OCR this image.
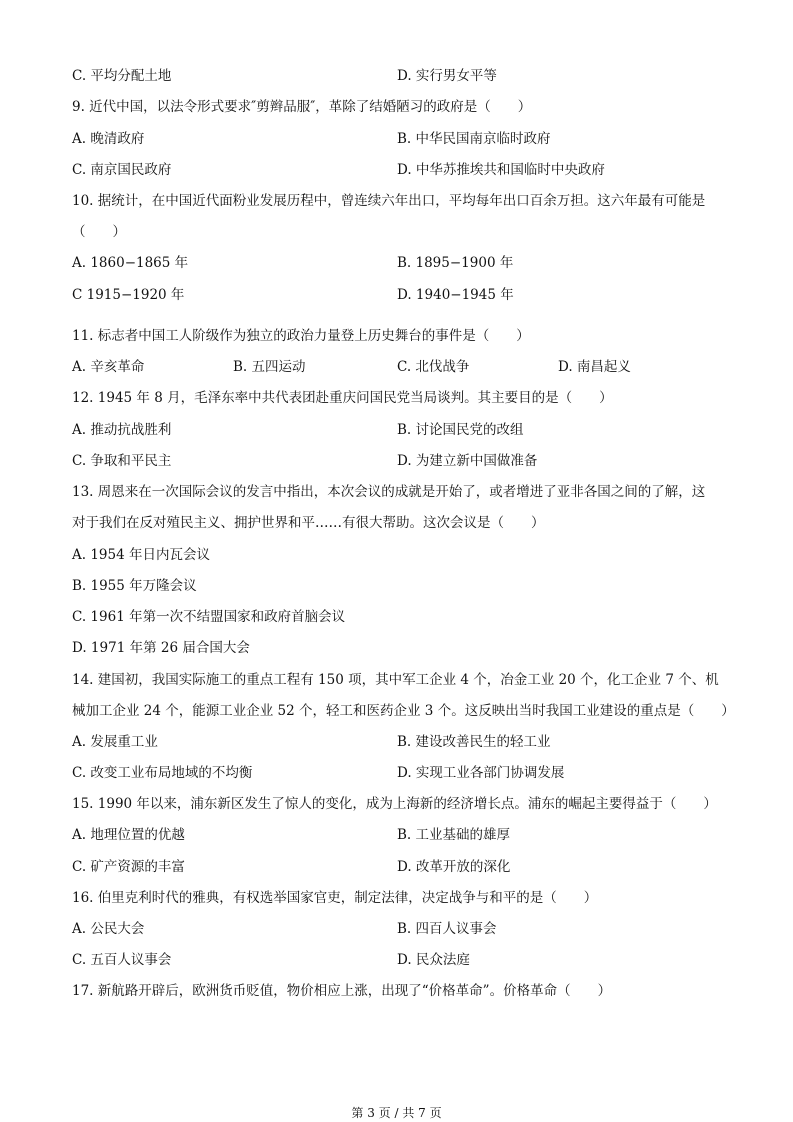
C. 平均分配土地	D. 实行男女平等
9. 近代中国，以法令形式要求″剪辫品服″，革除了结婚陋习的政府是（　　）
A. 晚清政府	B. 中华民国南京临时政府
C. 南京国民政府	D. 中华苏推埃共和国临时中央政府
10. 据统计，在中国近代面粉业发展历程中，曾连续六年出口，平均每年出口百余万担。这六年最有可能是
（　　）
A. 1860−1865 年	B. 1895−1900 年
C 1915−1920 年	D. 1940−1945 年
11. 标志者中国工人阶级作为独立的政治力量登上历史舞台的事件是（　　）
A. 辛亥革命	B. 五四运动	C. 北伐战争	D. 南昌起义
12. 1945 年 8 月，毛泽东率中共代表团赴重庆问国民党当局谈判。其主要目的是（　　）
A. 推动抗战胜利	B. 讨论国民党的改组
C. 争取和平民主	D. 为建立新中国做准备
13. 周恩来在一次国际会议的发言中指出，本次会议的成就是开始了，或者增进了亚非各国之间的了解，这
对于我们在反对殖民主义、拥护世界和平……有很大帮助。这次会议是（　　）
A. 1954 年日内瓦会议
B. 1955 年万隆会议
C. 1961 年第一次不结盟国家和政府首脑会议
D. 1971 年第 26 届合国大会
14. 建国初，我国实际施工的重点工程有 150 项，其中军工企业 4 个，冶金工业 20 个，化工企业 7 个、机
械加工企业 24 个，能源工业企业 52 个，轻工和医药企业 3 个。这反映出当时我国工业建设的重点是（　　）
A. 发展重工业	B. 建设改善民生的轻工业
C. 改变工业布局地域的不均衡	D. 实现工业各部门协调发展
15. 1990 年以来，浦东新区发生了惊人的变化，成为上海新的经济增长点。浦东的崛起主要得益于（　　）
A. 地理位置的优越	B. 工业基础的雄厚
C. 矿产资源的丰富	D. 改革开放的深化
16. 伯里克利时代的雅典，有权选举国家官吏，制定法律，决定战争与和平的是（　　）
A. 公民大会	B. 四百人议事会
C. 五百人议事会	D. 民众法庭
17. 新航路开辟后，欧洲货币贬值，物价相应上涨，出现了“价格革命”。价格革命（　　）
第 3 页 / 共 7 页
